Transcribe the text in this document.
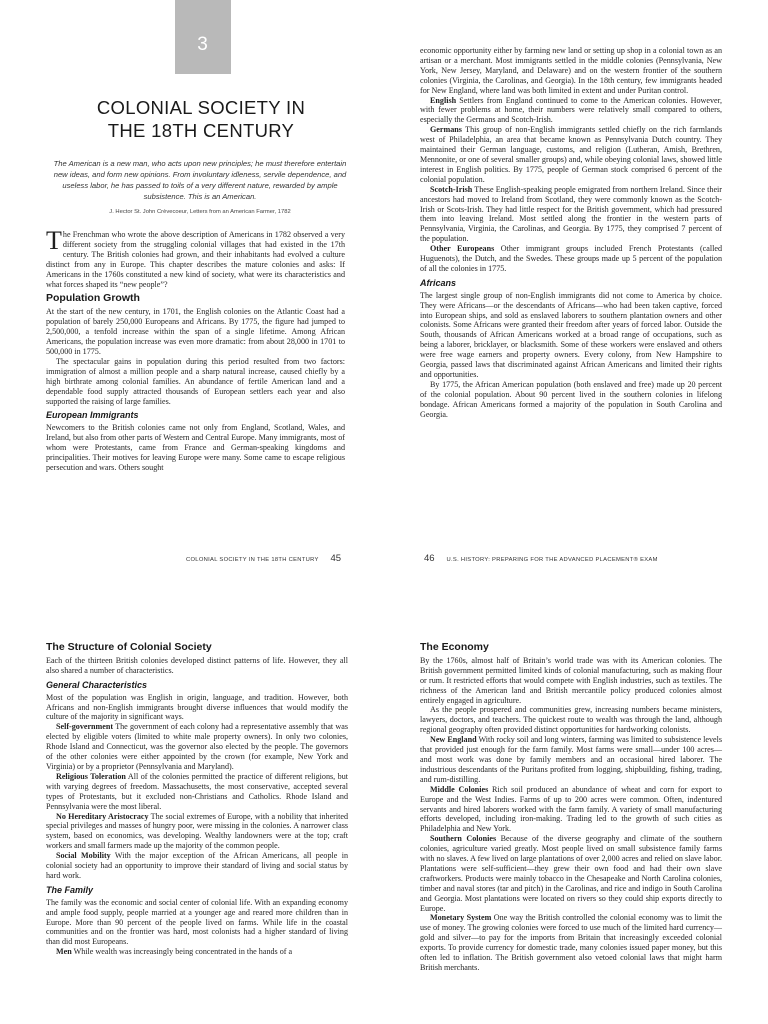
3
COLONIAL SOCIETY IN
THE 18TH CENTURY
The American is a new man, who acts upon new principles; he must therefore entertain new ideas, and form new opinions. From involuntary idleness, servile dependence, and useless labor, he has passed to toils of a very different nature, rewarded by ample subsistence. This is an American.
J. Hector St. John Crèvecoeur, Letters from an American Farmer, 1782

The Frenchman who wrote the above description of Americans in 1782 observed a very different society from the struggling colonial villages that had existed in the 17th century. The British colonies had grown, and their inhabitants had evolved a culture distinct from any in Europe. This chapter describes the mature colonies and asks: If Americans in the 1760s constituted a new kind of society, what were its characteristics and what forces shaped its “new people”?

Population Growth

At the start of the new century, in 1701, the English colonies on the Atlantic Coast had a population of barely 250,000 Europeans and Africans. By 1775, the figure had jumped to 2,500,000, a tenfold increase within the span of a single lifetime. Among African Americans, the population increase was even more dramatic: from about 28,000 in 1701 to 500,000 in 1775.

The spectacular gains in population during this period resulted from two factors: immigration of almost a million people and a sharp natural increase, caused chiefly by a high birthrate among colonial families. An abundance of fertile American land and a dependable food supply attracted thousands of European settlers each year and also supported the raising of large families.

European Immigrants

Newcomers to the British colonies came not only from England, Scotland, Wales, and Ireland, but also from other parts of Western and Central Europe. Many immigrants, most of whom were Protestants, came from France and German-speaking kingdoms and principalities. Their motives for leaving Europe were many. Some came to escape religious persecution and wars. Others sought

COLONIAL SOCIETY IN THE 18TH CENTURY 45

economic opportunity either by farming new land or setting up shop in a colonial town as an artisan or a merchant. Most immigrants settled in the middle colonies (Pennsylvania, New York, New Jersey, Maryland, and Delaware) and on the western frontier of the southern colonies (Virginia, the Carolinas, and Georgia). In the 18th century, few immigrants headed for New England, where land was both limited in extent and under Puritan control.

English Settlers from England continued to come to the American colonies. However, with fewer problems at home, their numbers were relatively small compared to others, especially the Germans and Scotch-Irish.

Germans This group of non-English immigrants settled chiefly on the rich farmlands west of Philadelphia, an area that became known as Pennsylvania Dutch country. They maintained their German language, customs, and religion (Lutheran, Amish, Brethren, Mennonite, or one of several smaller groups) and, while obeying colonial laws, showed little interest in English politics. By 1775, people of German stock comprised 6 percent of the colonial population.

Scotch-Irish These English-speaking people emigrated from northern Ireland. Since their ancestors had moved to Ireland from Scotland, they were commonly known as the Scotch-Irish or Scots-Irish. They had little respect for the British government, which had pressured them into leaving Ireland. Most settled along the frontier in the western parts of Pennsylvania, Virginia, the Carolinas, and Georgia. By 1775, they comprised 7 percent of the population.

Other Europeans Other immigrant groups included French Protestants (called Huguenots), the Dutch, and the Swedes. These groups made up 5 percent of the population of all the colonies in 1775.

Africans

The largest single group of non-English immigrants did not come to America by choice. They were Africans—or the descendants of Africans—who had been taken captive, forced into European ships, and sold as enslaved laborers to southern plantation owners and other colonists. Some Africans were granted their freedom after years of forced labor. Outside the South, thousands of African Americans worked at a broad range of occupations, such as being a laborer, bricklayer, or blacksmith. Some of these workers were enslaved and others were free wage earners and property owners. Every colony, from New Hampshire to Georgia, passed laws that discriminated against African Americans and limited their rights and opportunities.

By 1775, the African American population (both enslaved and free) made up 20 percent of the colonial population. About 90 percent lived in the southern colonies in lifelong bondage. African Americans formed a majority of the population in South Carolina and Georgia.

46 U.S. HISTORY: PREPARING FOR THE ADVANCED PLACEMENT® EXAM
The Structure of Colonial Society

Each of the thirteen British colonies developed distinct patterns of life. However, they all also shared a number of characteristics.

General Characteristics

Most of the population was English in origin, language, and tradition. However, both Africans and non-English immigrants brought diverse influences that would modify the culture of the majority in significant ways.

Self-government The government of each colony had a representative assembly that was elected by eligible voters (limited to white male property owners). In only two colonies, Rhode Island and Connecticut, was the governor also elected by the people. The governors of the other colonies were either appointed by the crown (for example, New York and Virginia) or by a proprietor (Pennsylvania and Maryland).

Religious Toleration All of the colonies permitted the practice of different religions, but with varying degrees of freedom. Massachusetts, the most conservative, accepted several types of Protestants, but it excluded non-Christians and Catholics. Rhode Island and Pennsylvania were the most liberal.

No Hereditary Aristocracy The social extremes of Europe, with a nobility that inherited special privileges and masses of hungry poor, were missing in the colonies. A narrower class system, based on economics, was developing. Wealthy landowners were at the top; craft workers and small farmers made up the majority of the common people.

Social Mobility With the major exception of the African Americans, all people in colonial society had an opportunity to improve their standard of living and social status by hard work.

The Family

The family was the economic and social center of colonial life. With an expanding economy and ample food supply, people married at a younger age and reared more children than in Europe. More than 90 percent of the people lived on farms. While life in the coastal communities and on the frontier was hard, most colonists had a higher standard of living than did most Europeans.

Men While wealth was increasingly being concentrated in the hands of a

The Economy

By the 1760s, almost half of Britain’s world trade was with its American colonies. The British government permitted limited kinds of colonial manufacturing, such as making flour or rum. It restricted efforts that would compete with English industries, such as textiles. The richness of the American land and British mercantile policy produced colonies almost entirely engaged in agriculture.

As the people prospered and communities grew, increasing numbers became ministers, lawyers, doctors, and teachers. The quickest route to wealth was through the land, although regional geography often provided distinct opportunities for hardworking colonists.

New England With rocky soil and long winters, farming was limited to subsistence levels that provided just enough for the farm family. Most farms were small—under 100 acres—and most work was done by family members and an occasional hired laborer. The industrious descendants of the Puritans profited from logging, shipbuilding, fishing, trading, and rum-distilling.

Middle Colonies Rich soil produced an abundance of wheat and corn for export to Europe and the West Indies. Farms of up to 200 acres were common. Often, indentured servants and hired laborers worked with the farm family. A variety of small manufacturing efforts developed, including iron-making. Trading led to the growth of such cities as Philadelphia and New York.

Southern Colonies Because of the diverse geography and climate of the southern colonies, agriculture varied greatly. Most people lived on small subsistence family farms with no slaves. A few lived on large plantations of over 2,000 acres and relied on slave labor. Plantations were self-sufficient—they grew their own food and had their own slave craftworkers. Products were mainly tobacco in the Chesapeake and North Carolina colonies, timber and naval stores (tar and pitch) in the Carolinas, and rice and indigo in South Carolina and Georgia. Most plantations were located on rivers so they could ship exports directly to Europe.

Monetary System One way the British controlled the colonial economy was to limit the use of money. The growing colonies were forced to use much of the limited hard currency—gold and silver—to pay for the imports from Britain that increasingly exceeded colonial exports. To provide currency for domestic trade, many colonies issued paper money, but this often led to inflation. The British government also vetoed colonial laws that might harm British merchants.
